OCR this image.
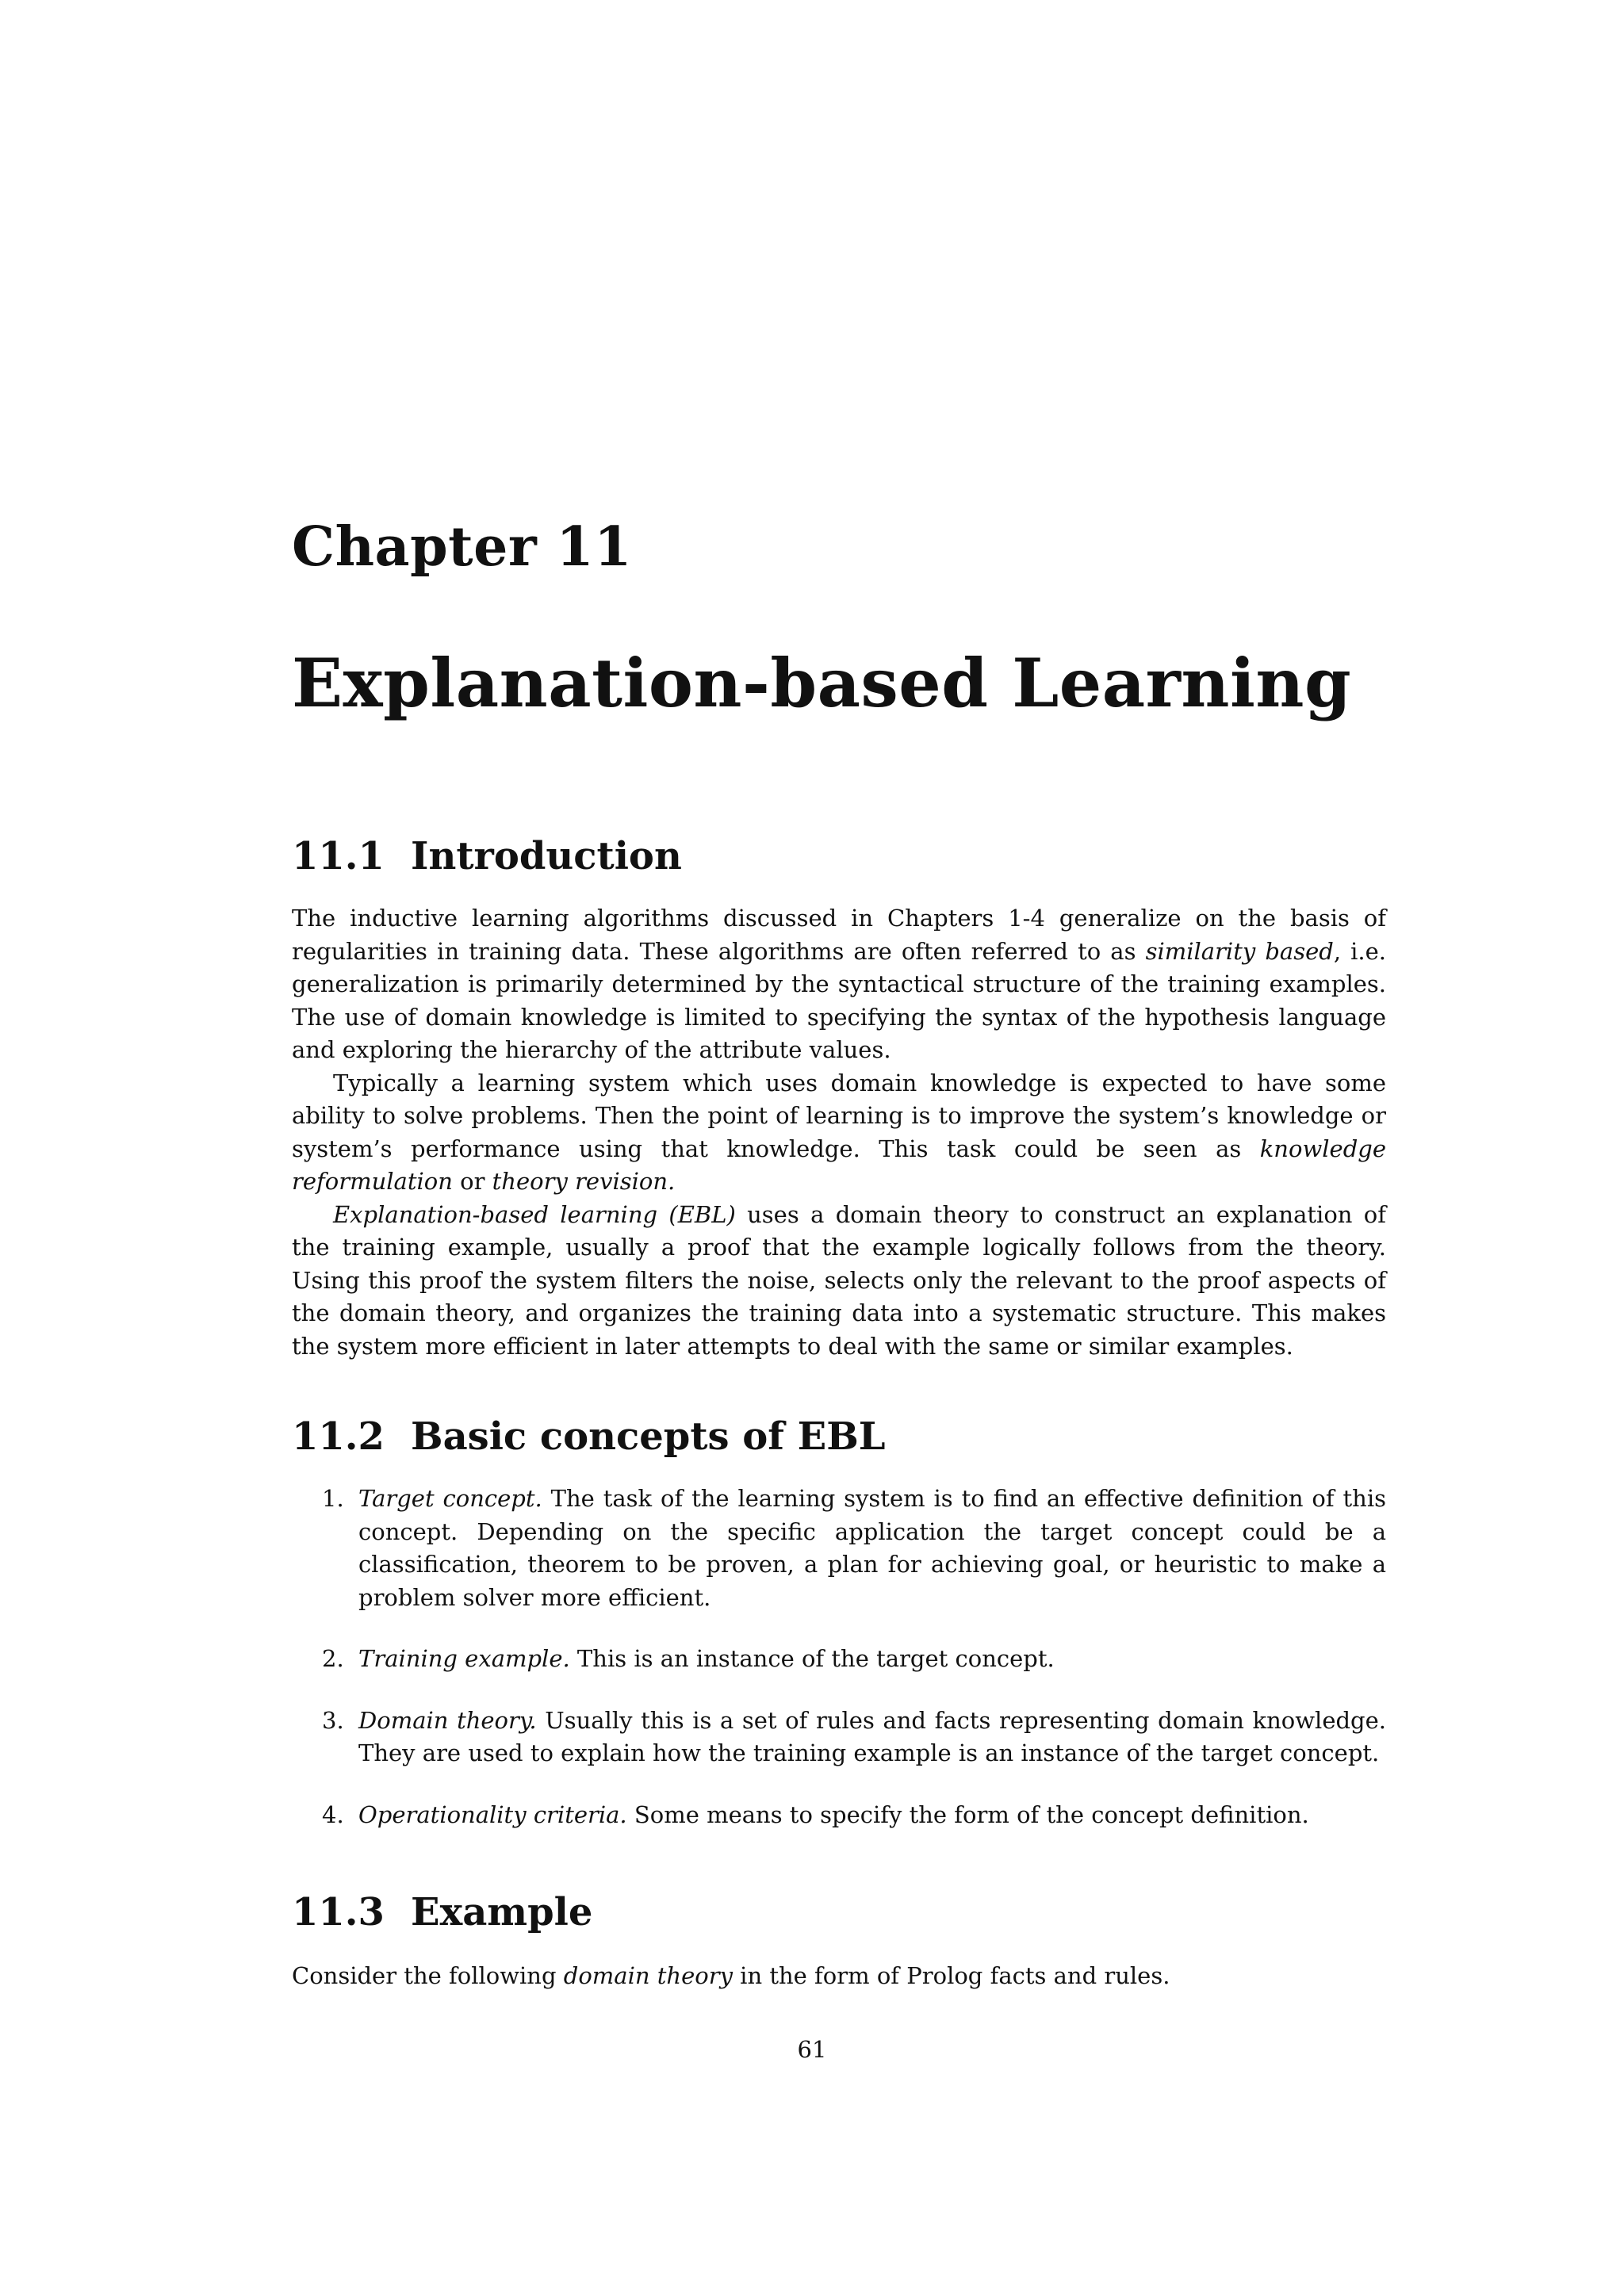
Chapter 11
Explanation-based Learning
11.1 Introduction

The inductive learning algorithms discussed in Chapters 1-4 generalize on the basis of regularities in training data. These algorithms are often referred to as similarity based, i.e. generalization is primarily determined by the syntactical structure of the training examples. The use of domain knowledge is limited to specifying the syntax of the hypothesis language and exploring the hierarchy of the attribute values.

Typically a learning system which uses domain knowledge is expected to have some ability to solve problems. Then the point of learning is to improve the system’s knowledge or system’s performance using that knowledge. This task could be seen as knowledge reformulation or theory revision.

Explanation-based learning (EBL) uses a domain theory to construct an explanation of the training example, usually a proof that the example logically follows from the theory. Using this proof the system filters the noise, selects only the relevant to the proof aspects of the domain theory, and organizes the training data into a systematic structure. This makes the system more efficient in later attempts to deal with the same or similar examples.

11.2 Basic concepts of EBL
1. Target concept. The task of the learning system is to find an effective definition of this concept. Depending on the specific application the target concept could be a classification, theorem to be proven, a plan for achieving goal, or heuristic to make a problem solver more efficient.
2. Training example. This is an instance of the target concept.
3. Domain theory. Usually this is a set of rules and facts representing domain knowledge. They are used to explain how the training example is an instance of the target concept.
4. Operationality criteria. Some means to specify the form of the concept definition.
11.3 Example

Consider the following domain theory in the form of Prolog facts and rules.

61
